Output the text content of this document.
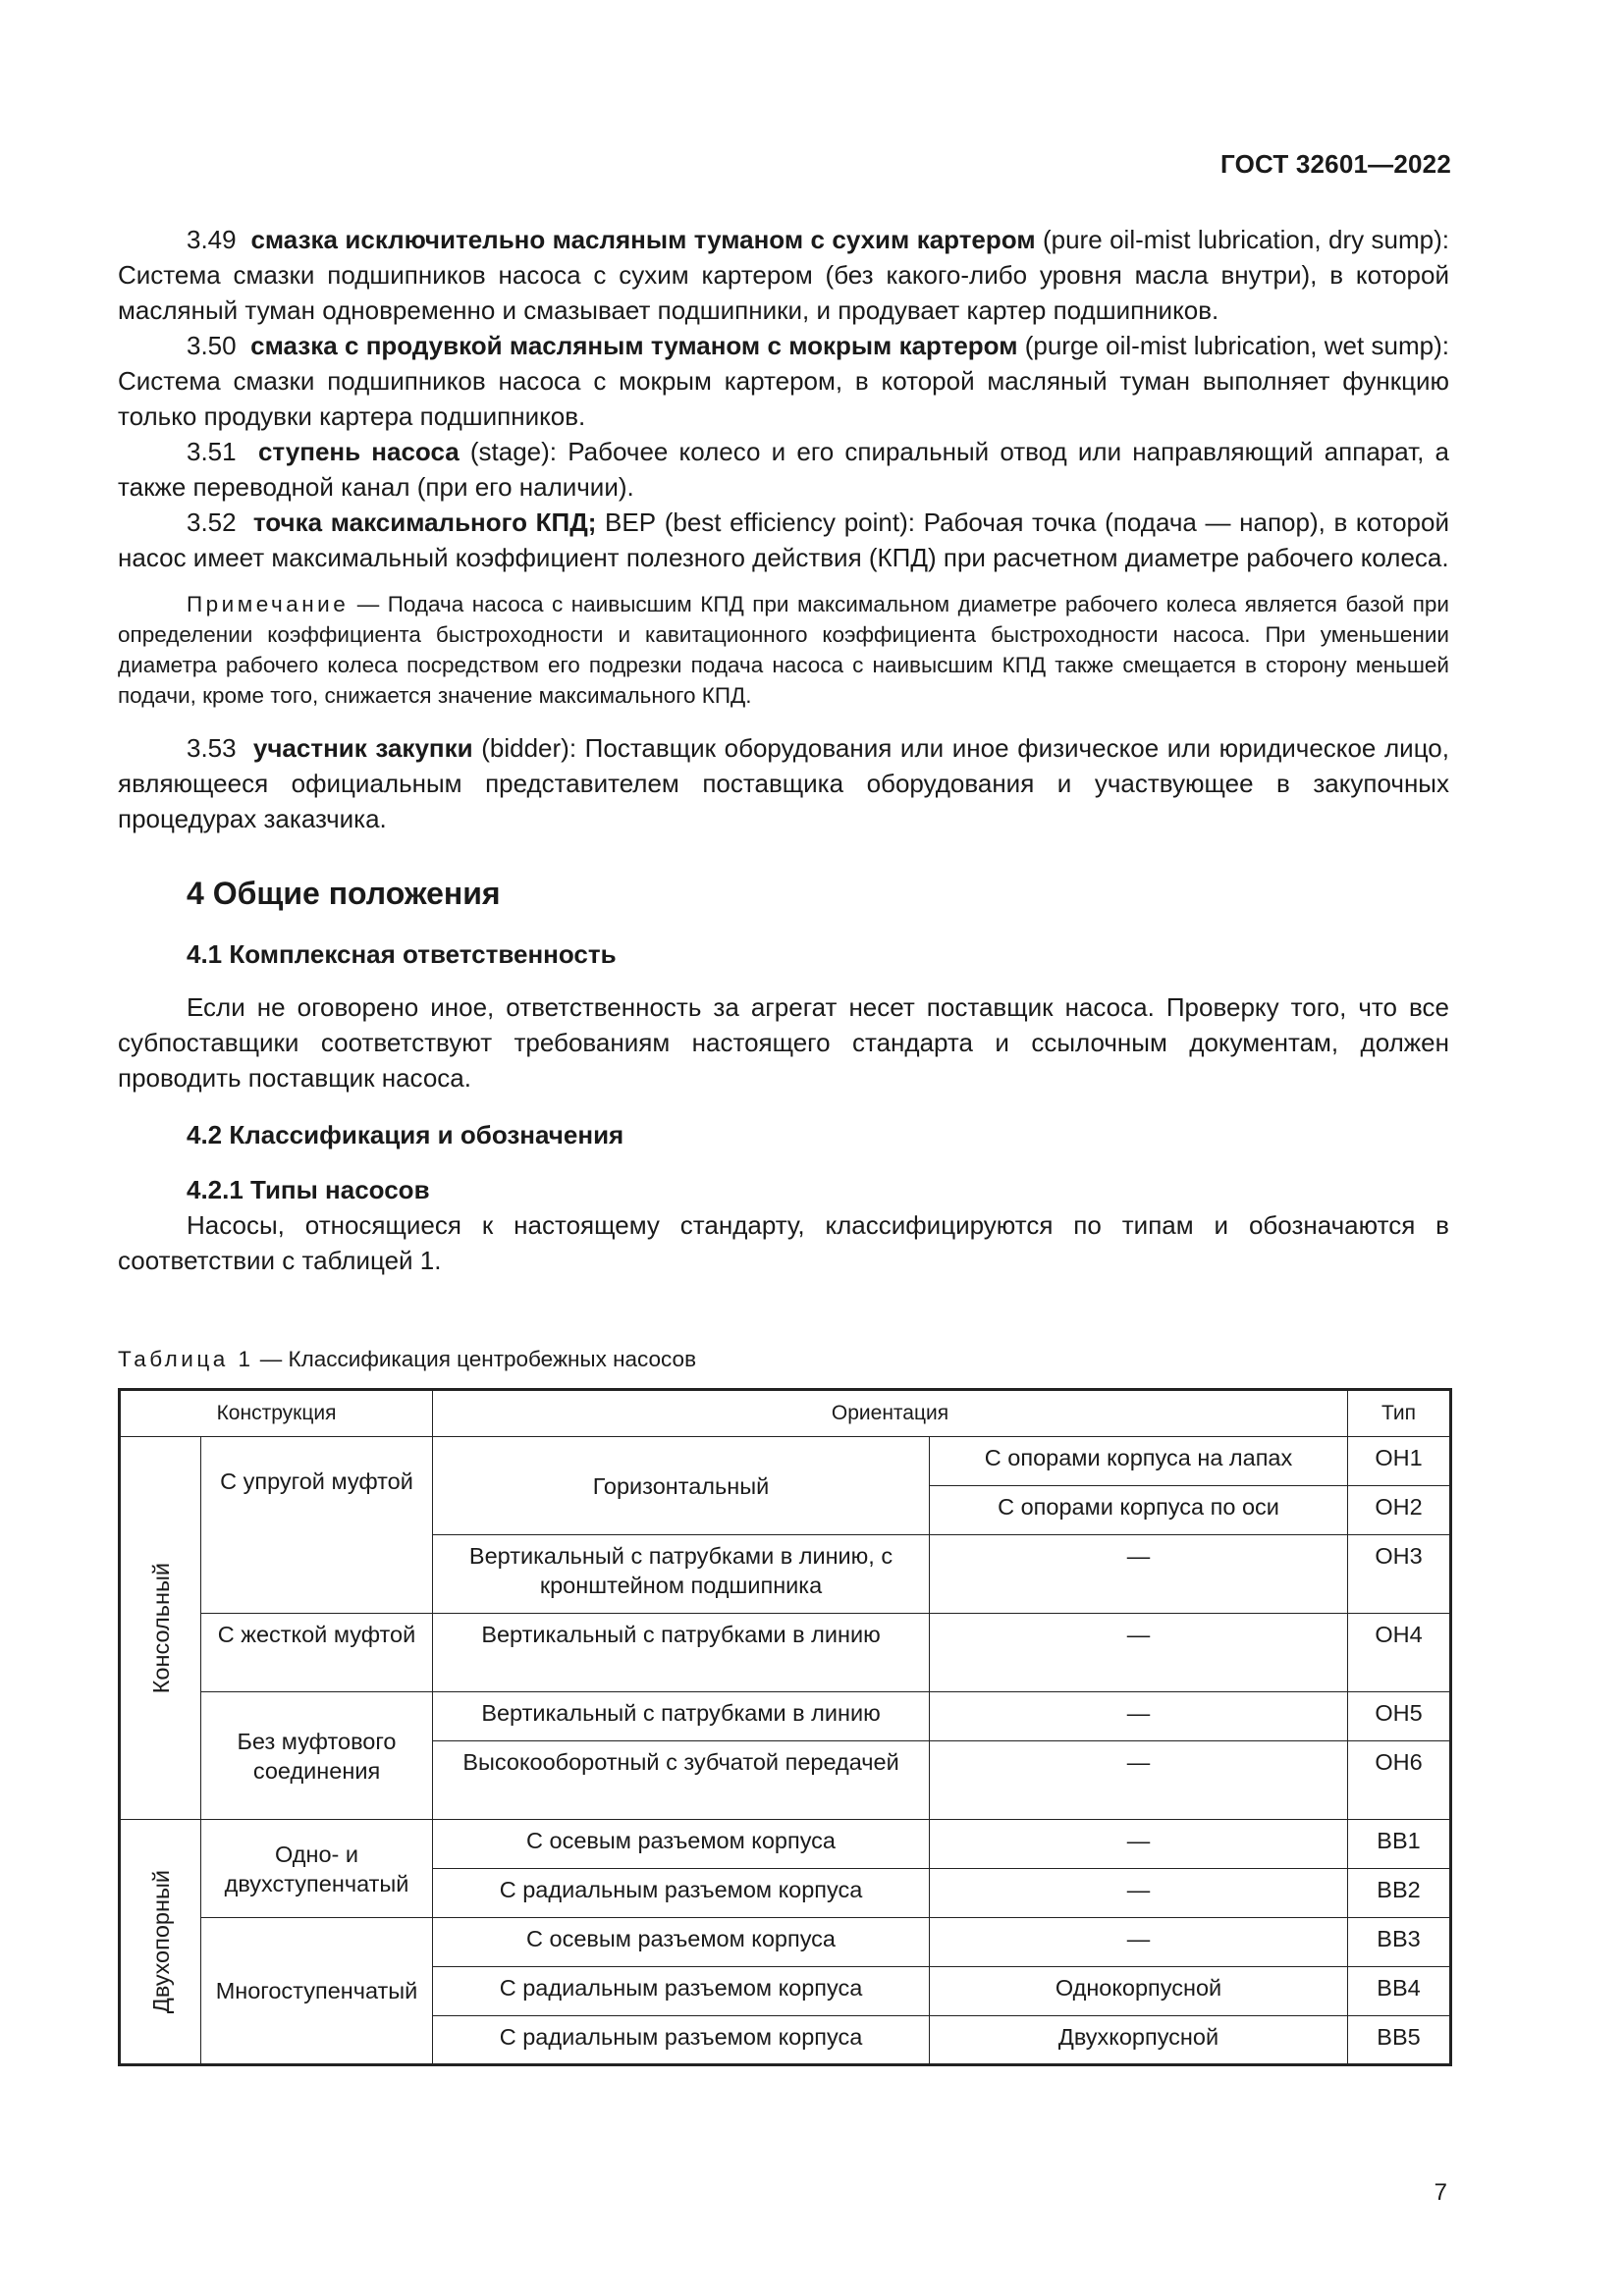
ГОСТ 32601—2022

3.49 смазка исключительно масляным туманом с сухим картером (pure oil-mist lubrication, dry sump): Система смазки подшипников насоса с сухим картером (без какого-либо уровня масла внутри), в которой масляный туман одновременно и смазывает подшипники, и продувает картер подшипников.

3.50 смазка с продувкой масляным туманом с мокрым картером (purge oil-mist lubrication, wet sump): Система смазки подшипников насоса с мокрым картером, в которой масляный туман выполняет функцию только продувки картера подшипников.

3.51 ступень насоса (stage): Рабочее колесо и его спиральный отвод или направляющий аппарат, а также переводной канал (при его наличии).

3.52 точка максимального КПД; ВЕР (best efficiency point): Рабочая точка (подача — напор), в которой насос имеет максимальный коэффициент полезного действия (КПД) при расчетном диаметре рабочего колеса.

Примечание — Подача насоса с наивысшим КПД при максимальном диаметре рабочего колеса является базой при определении коэффициента быстроходности и кавитационного коэффициента быстроходности насоса. При уменьшении диаметра рабочего колеса посредством его подрезки подача насоса с наивысшим КПД также смещается в сторону меньшей подачи, кроме того, снижается значение максимального КПД.

3.53 участник закупки (bidder): Поставщик оборудования или иное физическое или юридическое лицо, являющееся официальным представителем поставщика оборудования и участвующее в закупочных процедурах заказчика.

4 Общие положения

4.1 Комплексная ответственность

Если не оговорено иное, ответственность за агрегат несет поставщик насоса. Проверку того, что все субпоставщики соответствуют требованиям настоящего стандарта и ссылочным документам, должен проводить поставщик насоса.

4.2 Классификация и обозначения

4.2.1 Типы насосов

Насосы, относящиеся к настоящему стандарту, классифицируются по типам и обозначаются в соответствии с таблицей 1.

Таблица 1 — Классификация центробежных насосов
Конструкция		Ориентация		Тип

Консольный	С упругой муфтой	Горизонтальный	С опорами корпуса на лапах	ОН1
			С опорами корпуса по оси	ОН2
		Вертикальный с патрубками в линию, с кронштейном подшипника	—	ОН3
	С жесткой муфтой	Вертикальный с патрубками в линию	—	ОН4
	Без муфтового соединения	Вертикальный с патрубками в линию	—	ОН5
		Высокооборотный с зубчатой передачей	—	ОН6

Двухопорный	Одно- и двухступенчатый	С осевым разъемом корпуса	—	ВВ1
		С радиальным разъемом корпуса	—	ВВ2
	Многоступенчатый	С осевым разъемом корпуса	—	ВВ3
		С радиальным разъемом корпуса	Однокорпусной	ВВ4
		С радиальным разъемом корпуса	Двухкорпусной	ВВ5
7
